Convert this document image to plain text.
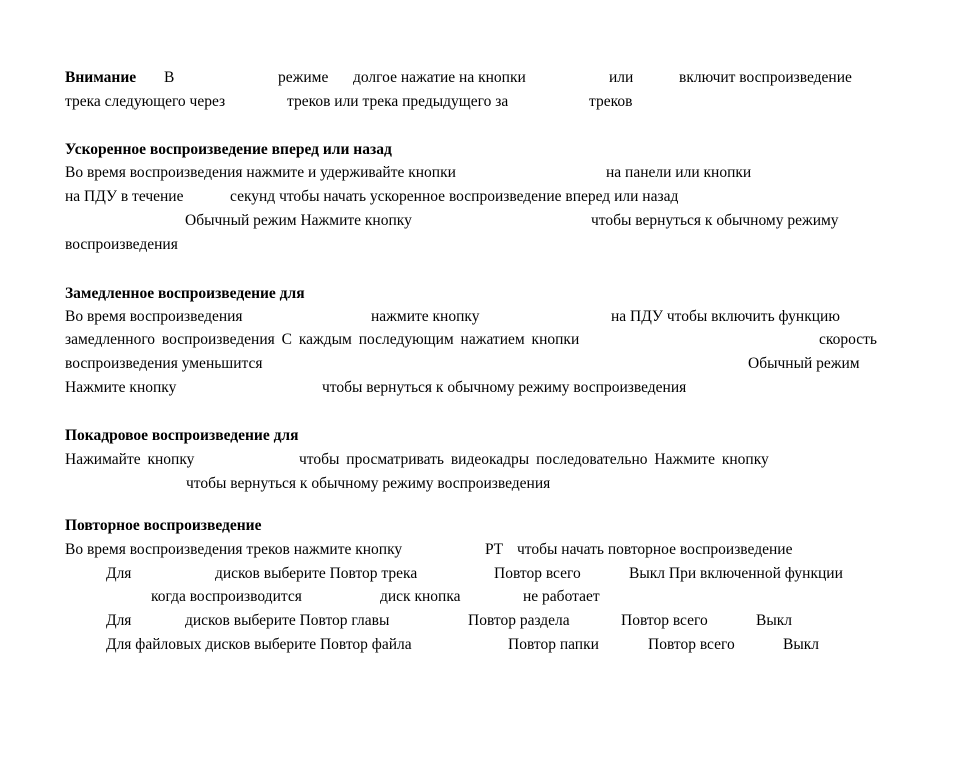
Внимание В	режиме долгое нажатие на кнопки	или	включит воспроизведение
трека следующего через	треков или трека предыдущего за	треков
Ускоренное воспроизведение вперед или назад
Во время воспроизведения нажмите и удерживайте кнопки	на панели или кнопки
на ПДУ в течение	секунд чтобы начать ускоренное воспроизведение вперед или назад
Обычный режим Нажмите кнопку	чтобы вернуться к обычному режиму
воспроизведения
Замедленное воспроизведение для
Во время воспроизведения	нажмите кнопку	на ПДУ чтобы включить функцию
замедленного воспроизведения С каждым последующим нажатием кнопки	скорость
воспроизведения уменьшится	Обычный режим
Нажмите кнопку	чтобы вернуться к обычному режиму воспроизведения
Покадровое воспроизведение для
Нажимайте кнопку	чтобы просматривать видеокадры последовательно Нажмите кнопку
чтобы вернуться к обычному режиму воспроизведения
Повторное воспроизведение
Во время воспроизведения треков нажмите кнопку	PT чтобы начать повторное воспроизведение
Для	дисков выберите Повтор трека	Повтор всего	Выкл При включенной функции
когда воспроизводится	диск кнопка	не работает
Для	дисков выберите Повтор главы	Повтор раздела	Повтор всего	Выкл
Для файловых дисков выберите Повтор файла	Повтор папки	Повтор всего	Выкл
